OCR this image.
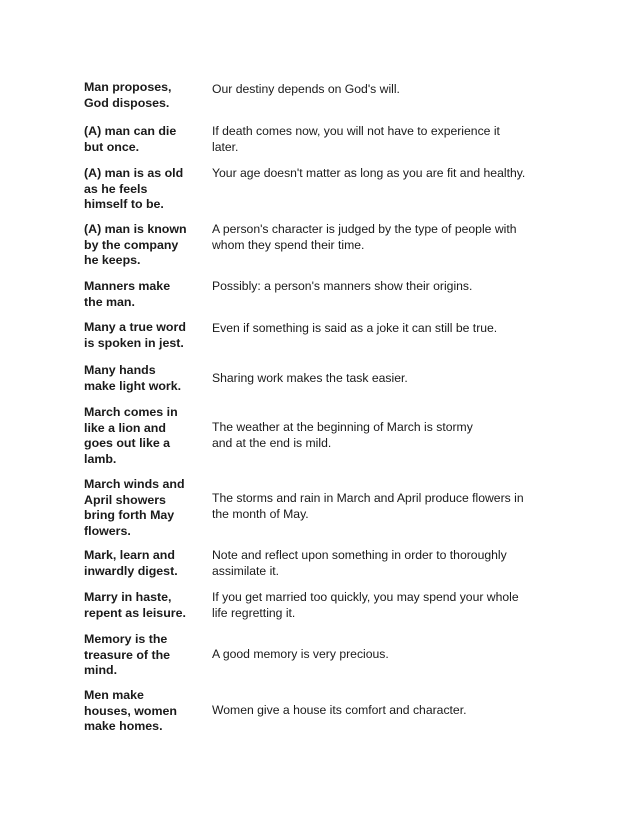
Man proposes,
God disposes.
Our destiny depends on God's will.
(A) man can die
but once.
If death comes now, you will not have to experience it
later.
(A) man is as old
as he feels
himself to be.
Your age doesn't matter as long as you are fit and healthy.
(A) man is known
by the company
he keeps.
A person's character is judged by the type of people with
whom they spend their time.
Manners make
the man.
Possibly: a person's manners show their origins.
Many a true word
is spoken in jest.
Even if something is said as a joke it can still be true.
Many hands
make light work.
Sharing work makes the task easier.
March comes in
like a lion and
goes out like a
lamb.
The weather at the beginning of March is stormy
and at the end is mild.
March winds and
April showers
bring forth May
flowers.
The storms and rain in March and April produce flowers in
the month of May.
Mark, learn and
inwardly digest.
Note and reflect upon something in order to thoroughly
assimilate it.
Marry in haste,
repent as leisure.
If you get married too quickly, you may spend your whole
life regretting it.
Memory is the
treasure of the
mind.
A good memory is very precious.
Men make
houses, women
make homes.
Women give a house its comfort and character.
